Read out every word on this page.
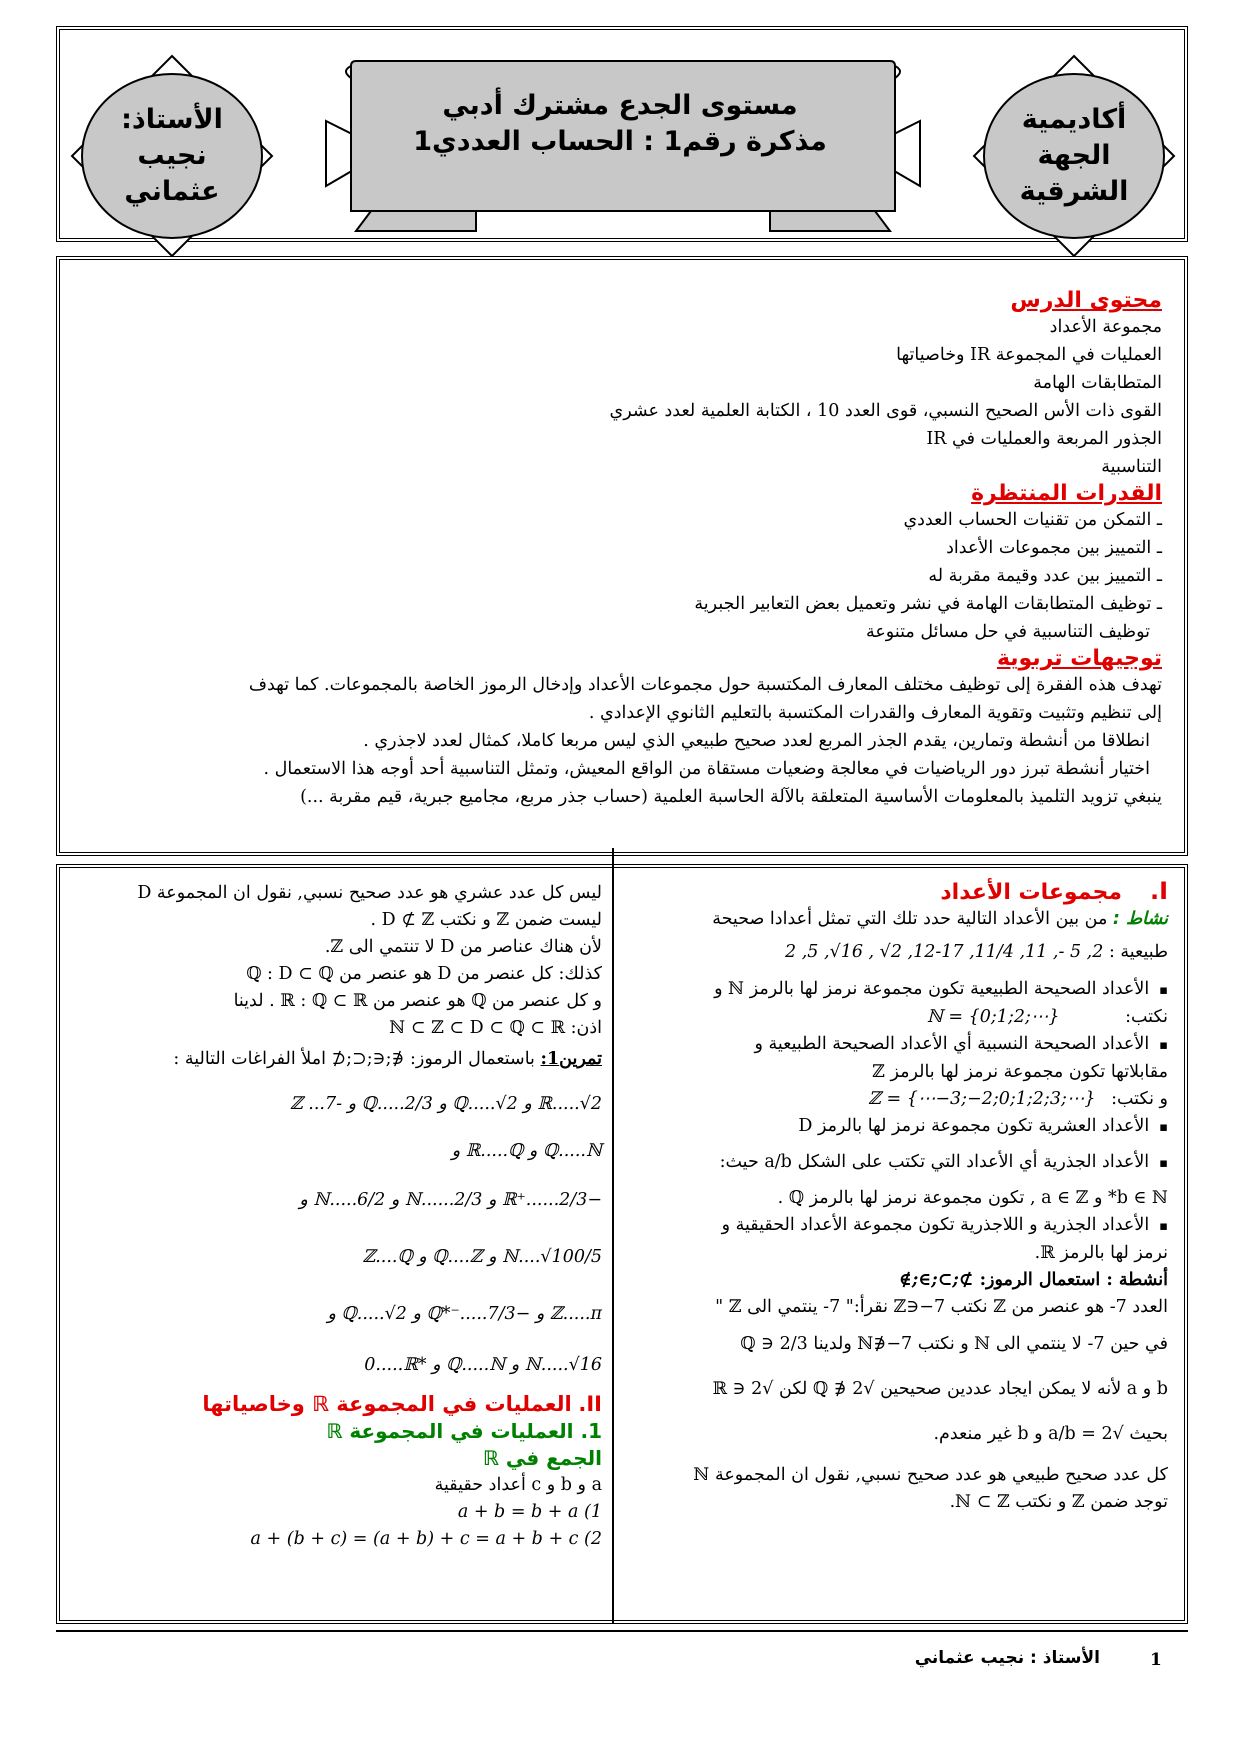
مستوى الجدع مشترك أدبي
مذكرة رقم1 : الحساب العددي1
أكاديمية
الجهة
الشرقية
الأستاذ:
نجيب
عثماني
محتوى الدرس
مجموعة الأعداد
العمليات في المجموعة IR وخاصياتها
المتطابقات الهامة
القوى ذات الأس الصحيح النسبي، قوى العدد 10 ، الكتابة العلمية لعدد عشري
الجذور المربعة والعمليات في IR
التناسبية
القدرات المنتظرة
ـ التمكن من تقنيات الحساب العددي
ـ التمييز بين مجموعات الأعداد
ـ التمييز بين عدد وقيمة مقربة له
ـ توظيف المتطابقات الهامة في نشر وتعميل بعض التعابير الجبرية
توظيف التناسبية في حل مسائل متنوعة
توجيهات تربوية
تهدف هذه الفقرة إلى توظيف مختلف المعارف المكتسبة حول مجموعات الأعداد وإدخال الرموز الخاصة بالمجموعات. كما تهدف
إلى تنظيم وتثبيت وتقوية المعارف والقدرات المكتسبة بالتعليم الثانوي الإعدادي .
انطلاقا من أنشطة وتمارين، يقدم الجذر المربع لعدد صحيح طبيعي الذي ليس مربعا كاملا، كمثال لعدد لاجذري .
اختيار أنشطة تبرز دور الرياضيات في معالجة وضعيات مستقاة من الواقع المعيش، وتمثل التناسبية أحد أوجه هذا الاستعمال .
ينبغي تزويد التلميذ بالمعلومات الأساسية المتعلقة بالآلة الحاسبة العلمية (حساب جذر مربع، مجاميع جبرية، قيم مقربة ...)
I.    مجموعات الأعداد
نشاط : من بين الأعداد التالية حدد تلك التي تمثل أعدادا صحيحة
طبيعية : 2 ,5 ,√16 , √2 ,12-17 ,11/4 ,11 ,- 5 ,2
▪ الأعداد الصحيحة الطبيعية تكون مجموعة نرمز لها بالرمز ℕ و
نكتب: ℕ = {0;1;2;⋯}
▪ الأعداد الصحيحة النسبية أي الأعداد الصحيحة الطبيعية و
مقابلاتها تكون مجموعة نرمز لها بالرمز ℤ
و نكتب: ℤ = {⋯−3;−2;0;1;2;3;⋯}
▪ الأعداد العشرية تكون مجموعة نرمز لها بالرمز D
▪ الأعداد الجذرية أي الأعداد التي تكتب على الشكل a/b حيث:
b ∈ ℕ* و a ∈ ℤ , تكون مجموعة نرمز لها بالرمز ℚ .
▪ الأعداد الجذرية و اللاجذرية تكون مجموعة الأعداد الحقيقية و
نرمز لها بالرمز ℝ.
أنشطة : استعمال الرموز: ∉;∈;⊂;⊄
العدد 7- هو عنصر من ℤ نكتب 7−∈ℤ نقرأ:" 7- ينتمي الى ℤ "
في حين 7- لا ينتمي الى ℕ و نكتب 7−∉ℕ ولدينا 2/3 ∈ ℚ
b و a لأنه لا يمكن ايجاد عددين صحيحين √2 ∉ ℚ لكن √2 ∈ ℝ
بحيث √2 = a/b و b غير منعدم.
كل عدد صحيح طبيعي هو عدد صحيح نسبي, نقول ان المجموعة ℕ
توجد ضمن ℤ و نكتب ℕ ⊂ ℤ.
ليس كل عدد عشري هو عدد صحيح نسبي, نقول ان المجموعة D
ليست ضمن ℤ و نكتب D ⊄ ℤ .
لأن هناك عناصر من D لا تنتمي الى ℤ.
كذلك: كل عنصر من D هو عنصر من ℚ : D ⊂ ℚ
و كل عنصر من ℚ هو عنصر من ℝ : ℚ ⊂ ℝ . لدينا
اذن: ℕ ⊂ ℤ ⊂ D ⊂ ℚ ⊂ ℝ
تمرين1: باستعمال الرموز: ∉;∈;⊂;⊄ املأ الفراغات التالية :
ℤ ...7- و ℚ.....2/3 و ℚ.....√2 و ℝ.....√2
و ℝ.....ℚ و ℚ.....ℕ
و ℕ.....6/2 و ℕ......2/3 و ℝ⁺......2/3−
ℤ....ℚ و ℚ....ℤ و ℕ....√100/5
و ℚ.....√2 و ℚ*⁻.....7/3− و ℤ.....π
0.....ℝ* و ℚ.....ℕ و ℕ.....√16
II. العمليات في المجموعة ℝ وخاصياتها
1. العمليات في المجموعة ℝ
الجمع في ℝ
a و b و c أعداد حقيقية
a + b = b + a (1
a + (b + c) = (a + b) + c = a + b + c (2
1
الأستاذ : نجيب عثماني
